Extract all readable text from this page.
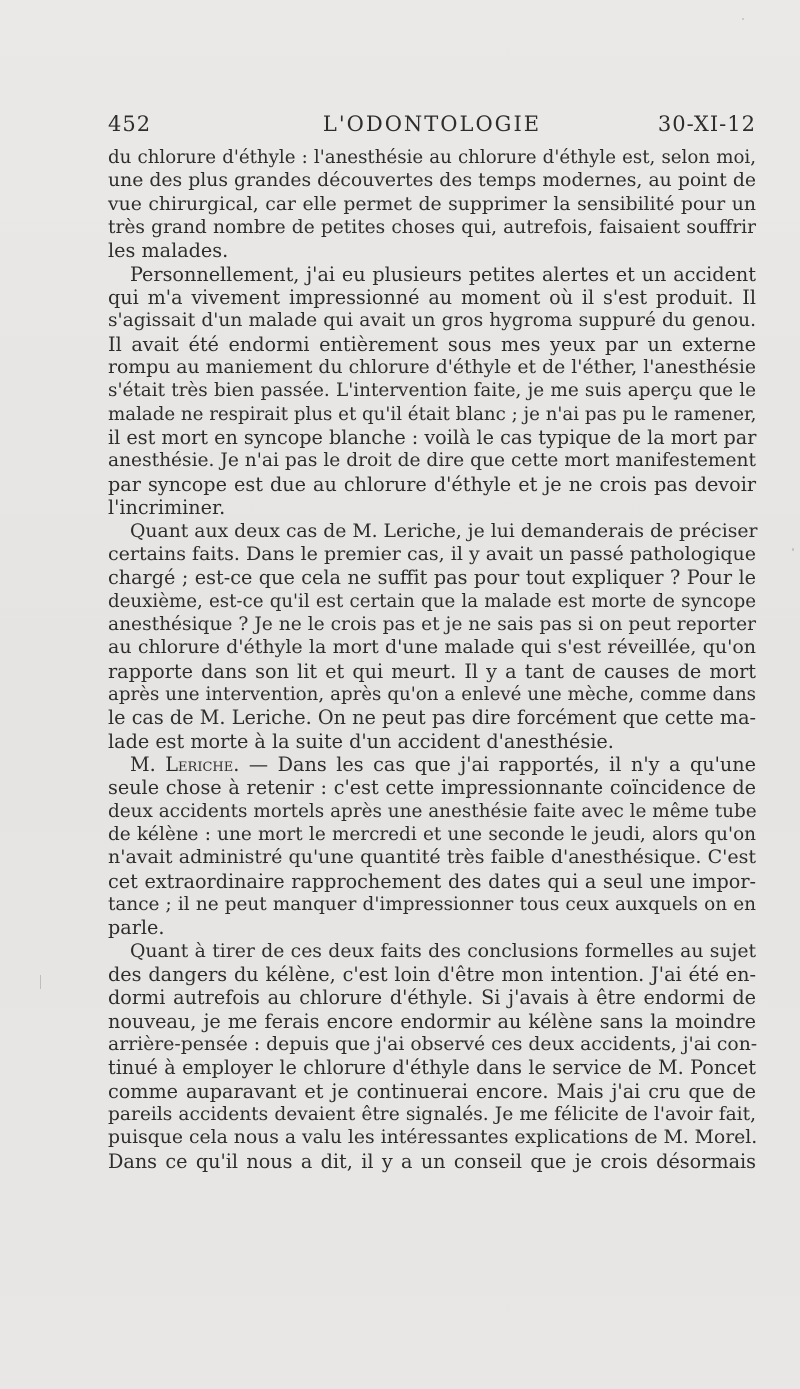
452	L'ODONTOLOGIE	30-XI-12
du chlorure d'éthyle : l'anesthésie au chlorure d'éthyle est, selon moi,
une des plus grandes découvertes des temps modernes, au point de
vue chirurgical, car elle permet de supprimer la sensibilité pour un
très grand nombre de petites choses qui, autrefois, faisaient souffrir
les malades.
Personnellement, j'ai eu plusieurs petites alertes et un accident
qui m'a vivement impressionné au moment où il s'est produit. Il
s'agissait d'un malade qui avait un gros hygroma suppuré du genou.
Il avait été endormi entièrement sous mes yeux par un externe
rompu au maniement du chlorure d'éthyle et de l'éther, l'anesthésie
s'était très bien passée. L'intervention faite, je me suis aperçu que le
malade ne respirait plus et qu'il était blanc ; je n'ai pas pu le ramener,
il est mort en syncope blanche : voilà le cas typique de la mort par
anesthésie. Je n'ai pas le droit de dire que cette mort manifestement
par syncope est due au chlorure d'éthyle et je ne crois pas devoir
l'incriminer.
Quant aux deux cas de M. Leriche, je lui demanderais de préciser
certains faits. Dans le premier cas, il y avait un passé pathologique
chargé ; est-ce que cela ne suffit pas pour tout expliquer ? Pour le
deuxième, est-ce qu'il est certain que la malade est morte de syncope
anesthésique ? Je ne le crois pas et je ne sais pas si on peut reporter
au chlorure d'éthyle la mort d'une malade qui s'est réveillée, qu'on
rapporte dans son lit et qui meurt. Il y a tant de causes de mort
après une intervention, après qu'on a enlevé une mèche, comme dans
le cas de M. Leriche. On ne peut pas dire forcément que cette ma-
lade est morte à la suite d'un accident d'anesthésie.
M. Leriche. — Dans les cas que j'ai rapportés, il n'y a qu'une
seule chose à retenir : c'est cette impressionnante coïncidence de
deux accidents mortels après une anesthésie faite avec le même tube
de kélène : une mort le mercredi et une seconde le jeudi, alors qu'on
n'avait administré qu'une quantité très faible d'anesthésique. C'est
cet extraordinaire rapprochement des dates qui a seul une impor-
tance ; il ne peut manquer d'impressionner tous ceux auxquels on en
parle.
Quant à tirer de ces deux faits des conclusions formelles au sujet
des dangers du kélène, c'est loin d'être mon intention. J'ai été en-
dormi autrefois au chlorure d'éthyle. Si j'avais à être endormi de
nouveau, je me ferais encore endormir au kélène sans la moindre
arrière-pensée : depuis que j'ai observé ces deux accidents, j'ai con-
tinué à employer le chlorure d'éthyle dans le service de M. Poncet
comme auparavant et je continuerai encore. Mais j'ai cru que de
pareils accidents devaient être signalés. Je me félicite de l'avoir fait,
puisque cela nous a valu les intéressantes explications de M. Morel.
Dans ce qu'il nous a dit, il y a un conseil que je crois désormais
